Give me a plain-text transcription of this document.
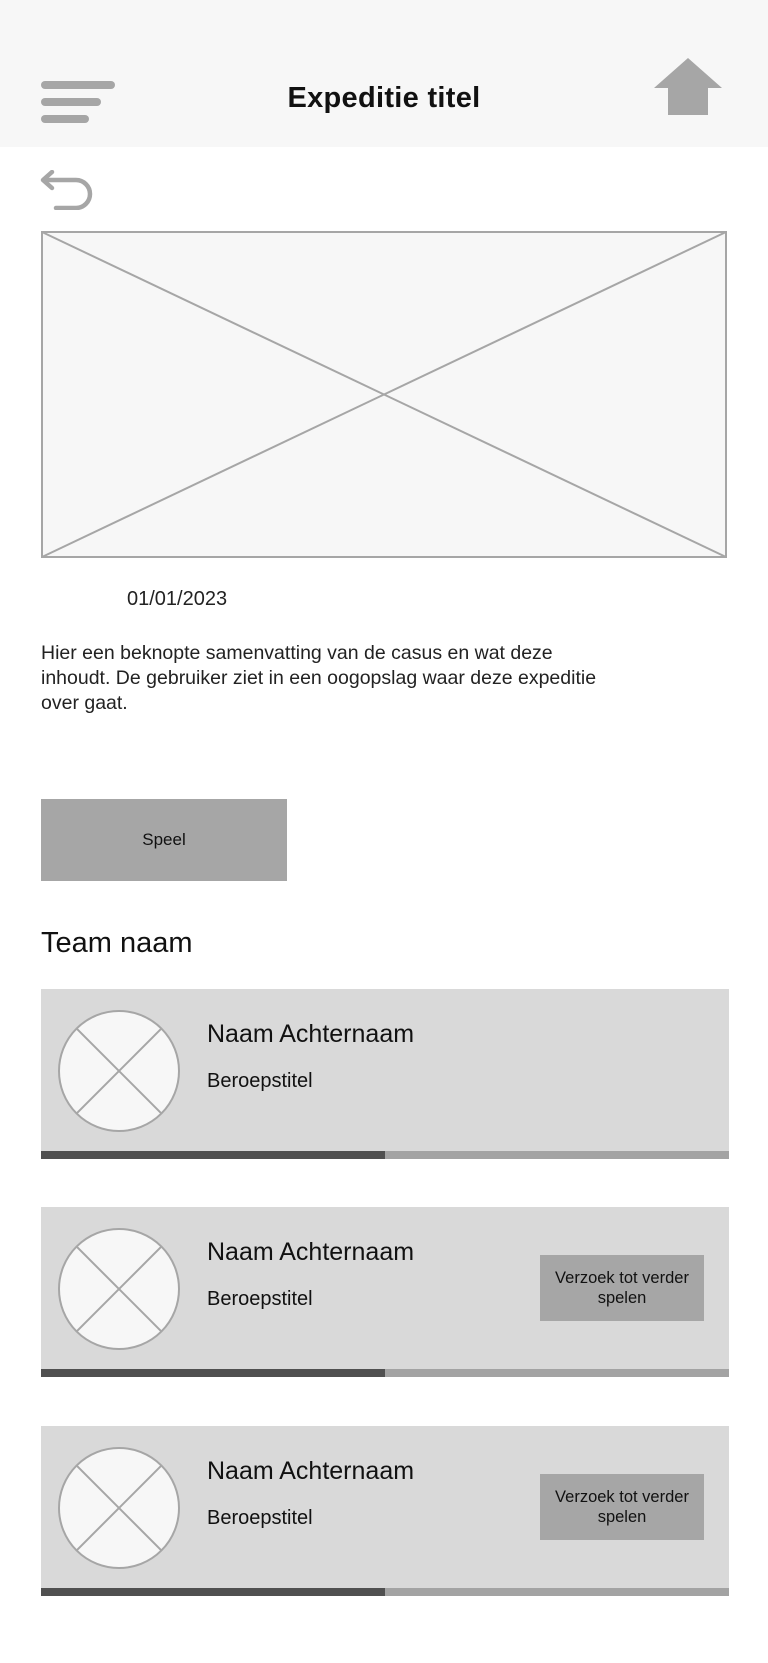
Expeditie titel
01/01/2023
Hier een beknopte samenvatting van de casus en wat deze inhoudt. De gebruiker ziet in een oogopslag waar deze expeditie over gaat.
Speel
Team naam
Naam Achternaam
Beroepstitel
Naam Achternaam
Beroepstitel
Verzoek tot verder spelen
Naam Achternaam
Beroepstitel
Verzoek tot verder spelen
